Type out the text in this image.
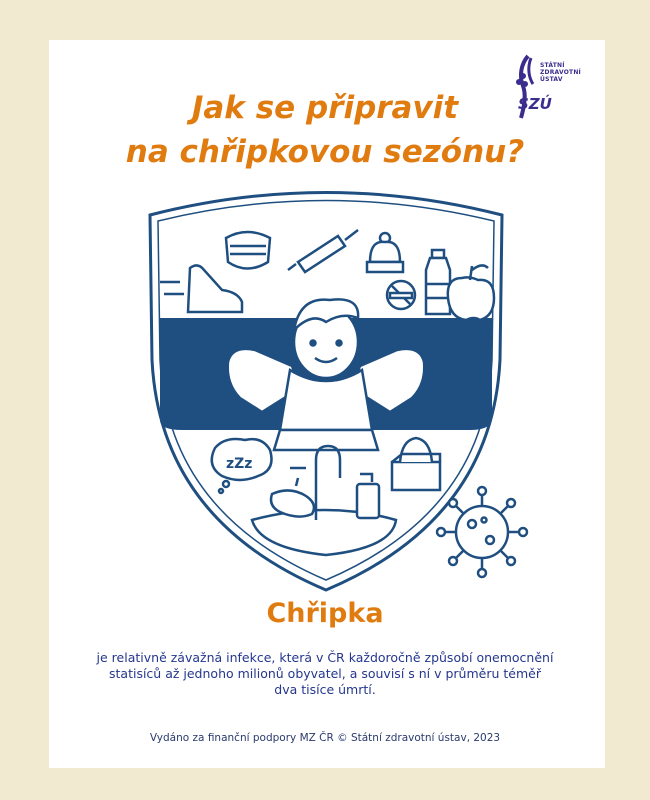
STÁTNÍ
ZDRAVOTNÍ
ÚSTAV
SZÚ
Jak se připravit
na chřipkovou sezónu?
zZz
Chřipka
je relativně závažná infekce, která v ČR každoročně způsobí onemocnění
statisíců až jednoho milionů obyvatel, a souvisí s ní v průměru téměř
dva tisíce úmrtí.
Vydáno za finanční podpory MZ ČR © Státní zdravotní ústav, 2023
